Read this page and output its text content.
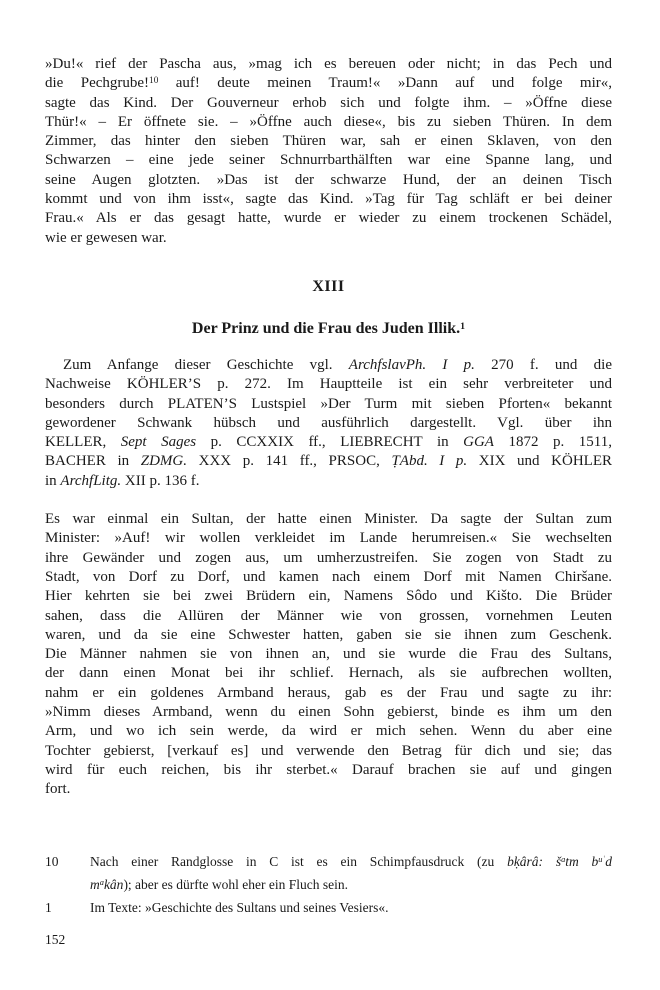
»Du!« rief der Pascha aus, »mag ich es bereuen oder nicht; in das Pech und
die Pechgrube!$^{10}$ auf! deute meinen Traum!« »Dann auf und folge mir«,
sagte das Kind. Der Gouverneur erhob sich und folgte ihm. – »Öffne diese
Thür!« – Er öffnete sie. – »Öffne auch diese«, bis zu sieben Thüren. In dem
Zimmer, das hinter den sieben Thüren war, sah er einen Sklaven, von den
Schwarzen – eine jede seiner Schnurrbarthälften war eine Spanne lang, und
seine Augen glotzten. »Das ist der schwarze Hund, der an deinen Tisch
kommt und von ihm isst«, sagte das Kind. »Tag für Tag schläft er bei deiner
Frau.« Als er das gesagt hatte, wurde er wieder zu einem trockenen Schädel,
wie er gewesen war.
XIII
Der Prinz und die Frau des Juden Illik.$^1$
Zum Anfange dieser Geschichte vgl. ArchfslavPh. I p. 270 f. und die
Nachweise KÖHLER’S p. 272. Im Hauptteile ist ein sehr verbreiteter und
besonders durch PLATEN’S Lustspiel »Der Turm mit sieben Pforten« bekannt
gewordener Schwank hübsch und ausführlich dargestellt. Vgl. über ihn
KELLER, Sept Sages p. CCXXIX ff., LIEBRECHT in GGA 1872 p. 1511,
BACHER in ZDMG. XXX p. 141 ff., PRSOC, ṬAbd. I p. XIX und KÖHLER
in ArchfLitg. XII p. 136 f.
Es war einmal ein Sultan, der hatte einen Minister. Da sagte der Sultan zum
Minister: »Auf! wir wollen verkleidet im Lande herumreisen.« Sie wechselten
ihre Gewänder und zogen aus, um umherzustreifen. Sie zogen von Stadt zu
Stadt, von Dorf zu Dorf, und kamen nach einem Dorf mit Namen Chiršane.
Hier kehrten sie bei zwei Brüdern ein, Namens Sôdo und Kišto. Die Brüder
sahen, dass die Allüren der Männer wie von grossen, vornehmen Leuten
waren, und da sie eine Schwester hatten, gaben sie sie ihnen zum Geschenk.
Die Männer nahmen sie von ihnen an, und sie wurde die Frau des Sultans,
der dann einen Monat bei ihr schlief. Hernach, als sie aufbrechen wollten,
nahm er ein goldenes Armband heraus, gab es der Frau und sagte zu ihr:
»Nimm dieses Armband, wenn du einen Sohn gebierst, binde es ihm um den
Arm, und wo ich sein werde, da wird er mich sehen. Wenn du aber eine
Tochter gebierst, [verkauf es] und verwende den Betrag für dich und sie; das
wird für euch reichen, bis ihr sterbet.« Darauf brachen sie auf und gingen
fort.
10	Nach einer Randglosse in C ist es ein Schimpfausdruck (zu bḳârâ: $š^atm$ $b^{uʿ}d$
$m^akân$); aber es dürfte wohl eher ein Fluch sein.
1	Im Texte: »Geschichte des Sultans und seines Vesiers«.
152
